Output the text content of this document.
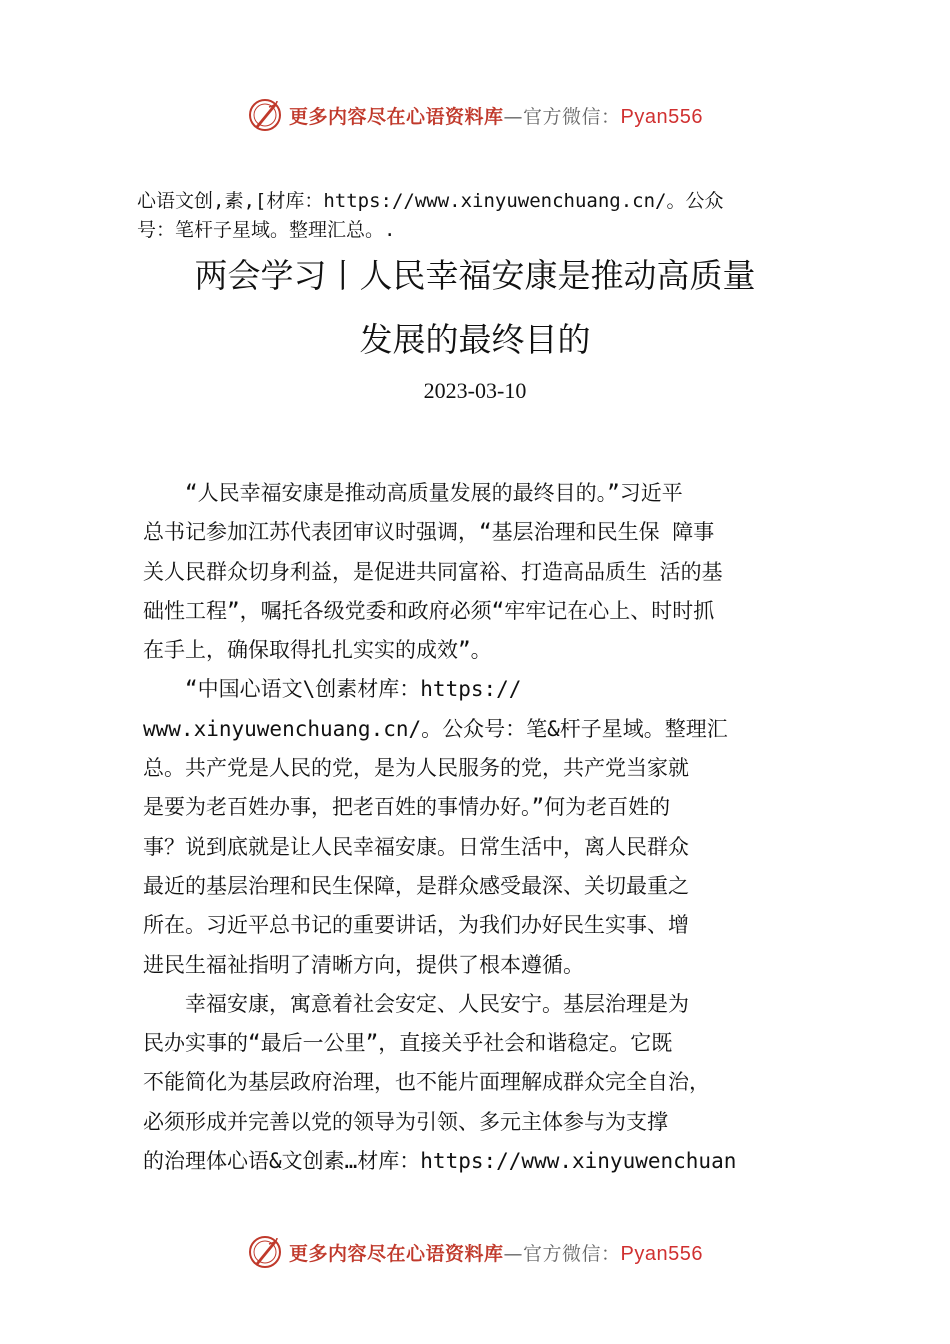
更多内容尽在心语资料库—官方微信：Pyan556
心语文创,素,[材库：https://www.xinyuwenchuang.cn/。公众
号：笔杆子星域。整理汇总。.
两会学习丨人民幸福安康是推动高质量
发展的最终目的
2023-03-10
“人民幸福安康是推动高质量发展的最终目的。”习近平
总书记参加江苏代表团审议时强调，“基层治理和民生保 障事
关人民群众切身利益，是促进共同富裕、打造高品质生 活的基
础性工程”，嘱托各级党委和政府必须“牢牢记在心上、时时抓
在手上，确保取得扎扎实实的成效”。
“中国心语文\创素材库：https://
www.xinyuwenchuang.cn/。公众号：笔&杆子星域。整理汇
总。共产党是人民的党，是为人民服务的党，共产党当家就
是要为老百姓办事，把老百姓的事情办好。”何为老百姓的
事？说到底就是让人民幸福安康。日常生活中，离人民群众
最近的基层治理和民生保障，是群众感受最深、关切最重之
所在。习近平总书记的重要讲话，为我们办好民生实事、增
进民生福祉指明了清晰方向，提供了根本遵循。
幸福安康，寓意着社会安定、人民安宁。基层治理是为
民办实事的“最后一公里”，直接关乎社会和谐稳定。它既
不能简化为基层政府治理，也不能片面理解成群众完全自治，
必须形成并完善以党的领导为引领、多元主体参与为支撑
的治理体心语&文创素…材库：https://www.xinyuwenchuan
更多内容尽在心语资料库—官方微信：Pyan556
